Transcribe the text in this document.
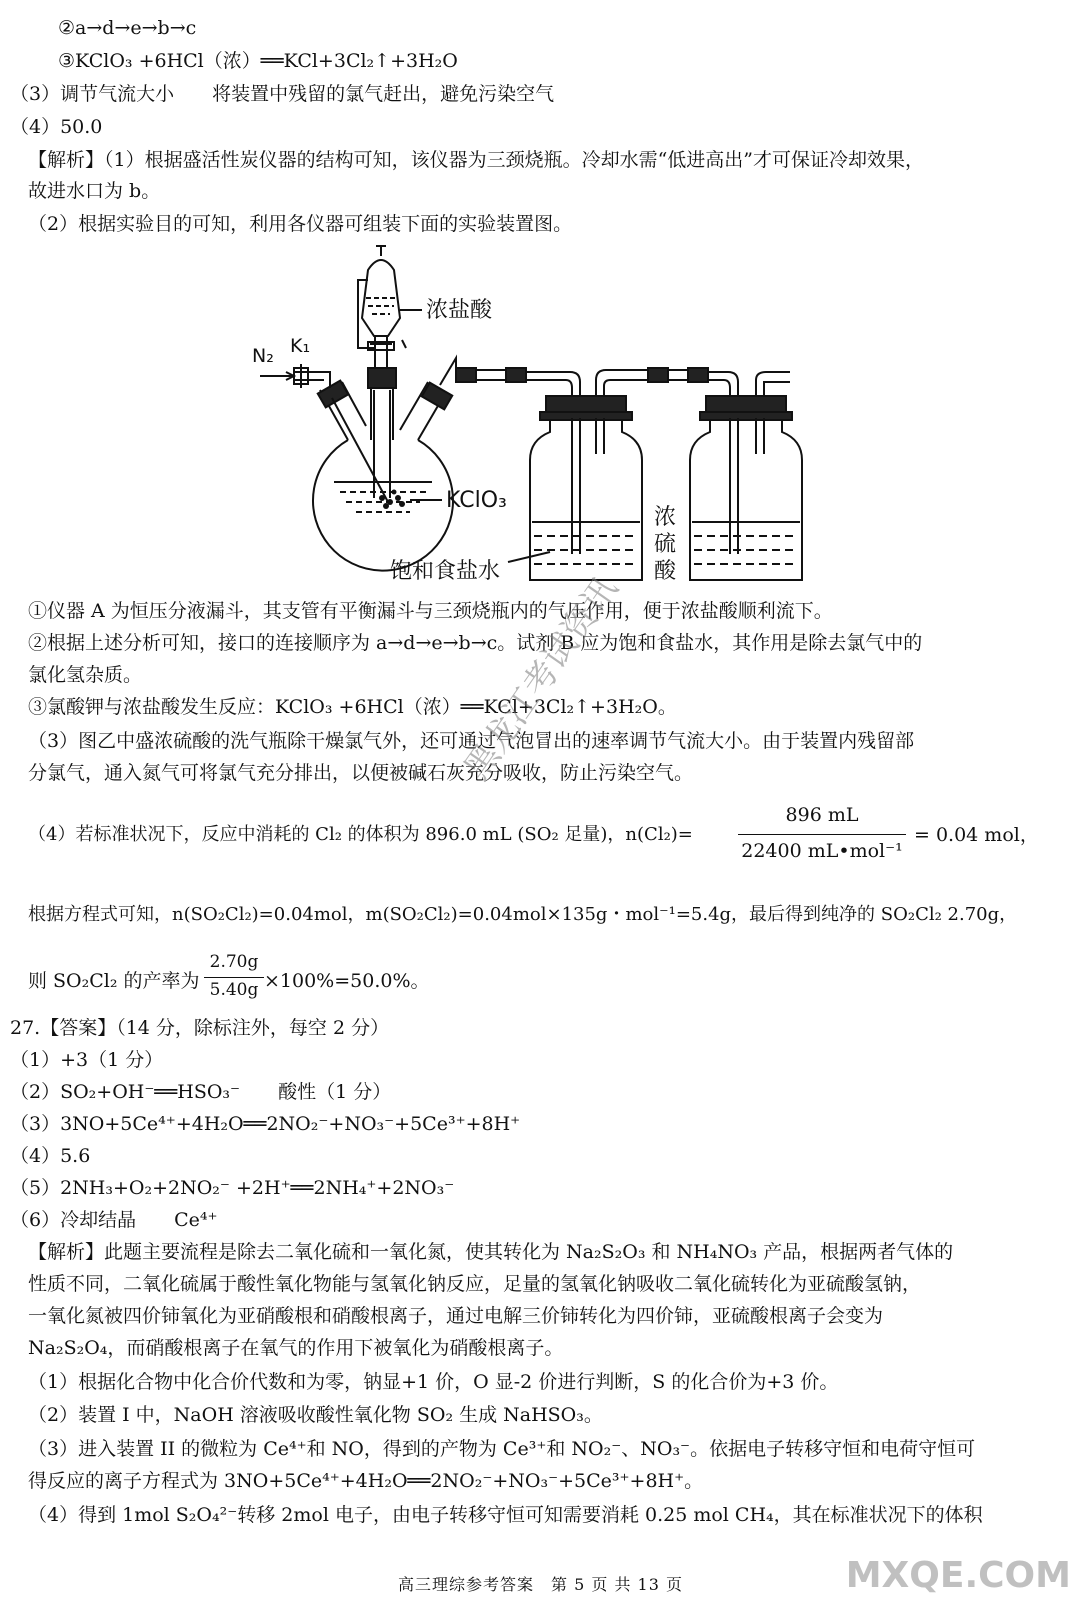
②a→d→e→b→c
③KClO₃ +6HCl（浓）══KCl+3Cl₂↑+3H₂O
（3）调节气流大小　　将装置中残留的氯气赶出，避免污染空气
（4）50.0
【解析】（1）根据盛活性炭仪器的结构可知，该仪器为三颈烧瓶。冷却水需“低进高出”才可保证冷却效果，
故进水口为 b。
（2）根据实验目的可知，利用各仪器可组装下面的实验装置图。
浓盐酸
N₂ K₁
KClO₃
饱和食盐水
浓
硫
酸
①仪器 A 为恒压分液漏斗，其支管有平衡漏斗与三颈烧瓶内的气压作用，便于浓盐酸顺利流下。
②根据上述分析可知，接口的连接顺序为 a→d→e→b→c。试剂 B 应为饱和食盐水，其作用是除去氯气中的
氯化氢杂质。
③氯酸钾与浓盐酸发生反应：KClO₃ +6HCl（浓）══KCl+3Cl₂↑+3H₂O。
（3）图乙中盛浓硫酸的洗气瓶除干燥氯气外，还可通过气泡冒出的速率调节气流大小。由于装置内残留部
分氯气，通入氮气可将氯气充分排出，以便被碱石灰充分吸收，防止污染空气。
（4）若标准状况下，反应中消耗的 Cl₂ 的体积为 896.0 mL (SO₂ 足量)，n(Cl₂)=
896 mL
22400 mL•mol⁻¹
= 0.04 mol，
根据方程式可知，n(SO₂Cl₂)=0.04mol，m(SO₂Cl₂)=0.04mol×135g・mol⁻¹=5.4g，最后得到纯净的 SO₂Cl₂ 2.70g，
则 SO₂Cl₂ 的产率为
2.70g
5.40g ×100%=50.0%。
27.【答案】（14 分，除标注外，每空 2 分）
（1）+3（1 分）
（2）SO₂+OH⁻══HSO₃⁻　　酸性（1 分）
（3）3NO+5Ce⁴⁺+4H₂O══2NO₂⁻+NO₃⁻+5Ce³⁺+8H⁺
（4）5.6
（5）2NH₃+O₂+2NO₂⁻ +2H⁺══2NH₄⁺+2NO₃⁻
（6）冷却结晶　　Ce⁴⁺
【解析】此题主要流程是除去二氧化硫和一氧化氮，使其转化为 Na₂S₂O₃ 和 NH₄NO₃ 产品，根据两者气体的
性质不同，二氧化硫属于酸性氧化物能与氢氧化钠反应，足量的氢氧化钠吸收二氧化硫转化为亚硫酸氢钠，
一氧化氮被四价铈氧化为亚硝酸根和硝酸根离子，通过电解三价铈转化为四价铈，亚硫酸根离子会变为
Na₂S₂O₄，而硝酸根离子在氧气的作用下被氧化为硝酸根离子。
（1）根据化合物中化合价代数和为零，钠显+1 价，O 显-2 价进行判断，S 的化合价为+3 价。
（2）装置 I 中，NaOH 溶液吸收酸性氧化物 SO₂ 生成 NaHSO₃。
（3）进入装置 II 的微粒为 Ce⁴⁺和 NO，得到的产物为 Ce³⁺和 NO₂⁻、NO₃⁻。依据电子转移守恒和电荷守恒可
得反应的离子方程式为 3NO+5Ce⁴⁺+4H₂O══2NO₂⁻+NO₃⁻+5Ce³⁺+8H⁺。
（4）得到 1mol S₂O₄²⁻转移 2mol 电子，由电子转移守恒可知需要消耗 0.25 mol CH₄，其在标准状况下的体积
高三理综参考答案　第 5 页 共 13 页
黑龙江考试资讯
MXQE.COM
